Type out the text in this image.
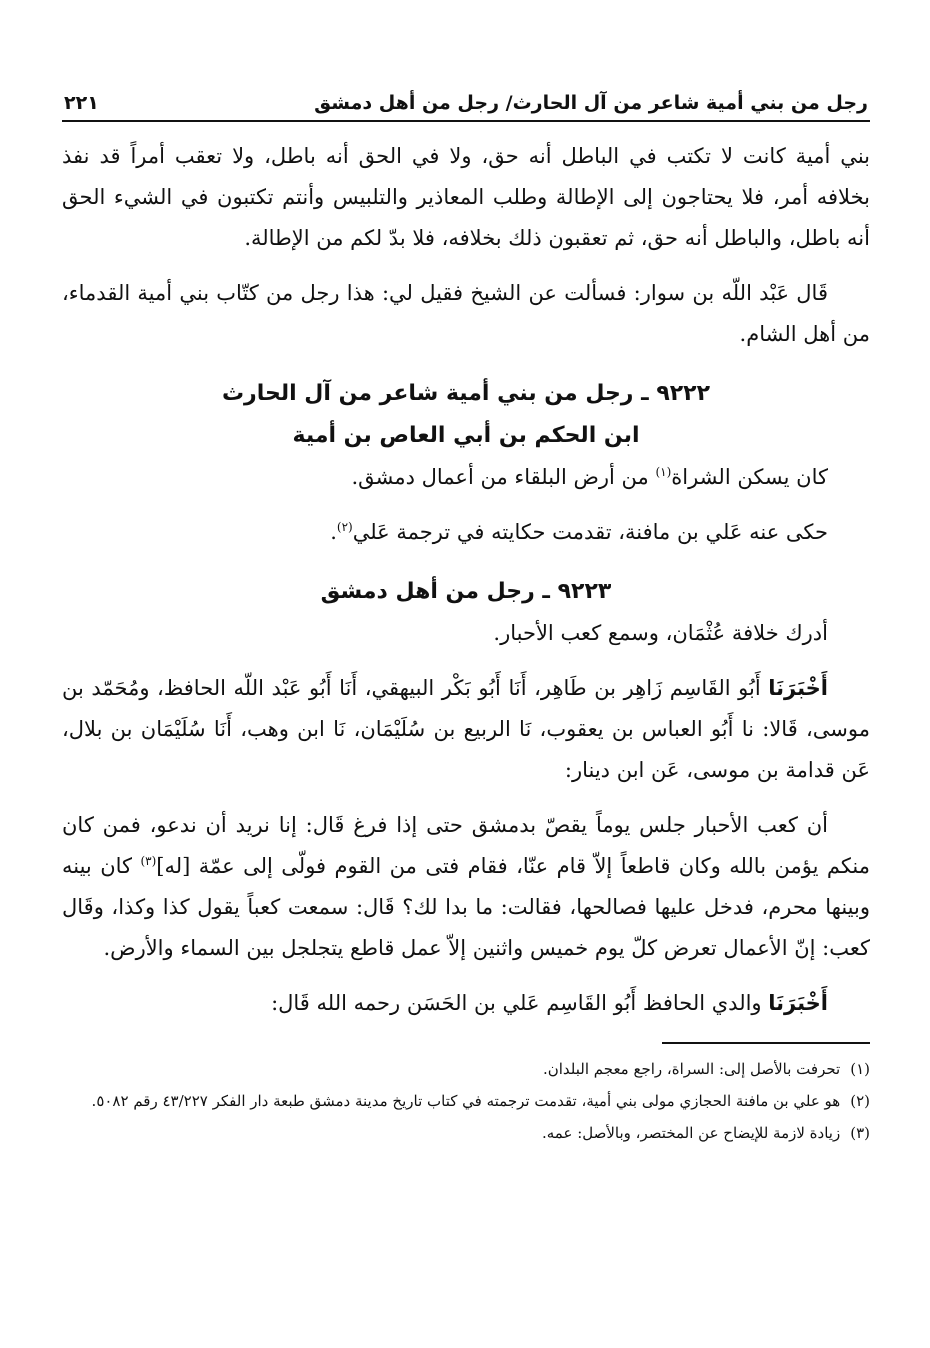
رجل من بني أمية شاعر من آل الحارث/ رجل من أهل دمشق
٢٢١

بني أمية كانت لا تكتب في الباطل أنه حق، ولا في الحق أنه باطل، ولا تعقب أمراً قد نفذ بخلافه أمر، فلا يحتاجون إلى الإطالة وطلب المعاذير والتلبيس وأنتم تكتبون في الشيء الحق أنه باطل، والباطل أنه حق، ثم تعقبون ذلك بخلافه، فلا بدّ لكم من الإطالة.

قَال عَبْد اللّه بن سوار: فسألت عن الشيخ فقيل لي: هذا رجل من كتّاب بني أمية القدماء، من أهل الشام.

٩٢٢٢ ـ رجل من بني أمية شاعر من آل الحارث
ابن الحكم بن أبي العاص بن أمية

كان يسكن الشراة$^{(١)}$ من أرض البلقاء من أعمال دمشق.

حكى عنه عَلي بن مافنة، تقدمت حكايته في ترجمة عَلي$^{(٢)}$.

٩٢٢٣ ـ رجل من أهل دمشق

أدرك خلافة عُثْمَان، وسمع كعب الأحبار.

أَخْبَرَنَا أَبُو القَاسِم زَاهِر بن طَاهِر، أَنَا أَبُو بَكْر البيهقي، أَنَا أَبُو عَبْد اللّه الحافظ، ومُحَمّد بن موسى، قَالا: نا أَبُو العباس بن يعقوب، نَا الربيع بن سُلَيْمَان، نَا ابن وهب، أَنَا سُلَيْمَان بن بلال، عَن قدامة بن موسى، عَن ابن دينار:

أن كعب الأحبار جلس يوماً يقصّ بدمشق حتى إذا فرغ قَال: إنا نريد أن ندعو، فمن كان منكم يؤمن بالله وكان قاطعاً إلاّ قام عنّا، فقام فتى من القوم فولّى إلى عمّة [له]$^{(٣)}$ كان بينه وبينها محرم، فدخل عليها فصالحها، فقالت: ما بدا لك؟ قَال: سمعت كعباً يقول كذا وكذا، وقَال كعب: إنّ الأعمال تعرض كلّ يوم خميس واثنين إلاّ عمل قاطع يتجلجل بين السماء والأرض.

أَخْبَرَنَا والدي الحافظ أَبُو القَاسِم عَلي بن الحَسَن رحمه الله قَال:

(١)
تحرفت بالأصل إلى: السراة، راجع معجم البلدان.
(٢)
هو علي بن مافنة الحجازي مولى بني أمية، تقدمت ترجمته في كتاب تاريخ مدينة دمشق طبعة دار الفكر ٤٣/٢٢٧ رقم ٥٠٨٢.
(٣)
زيادة لازمة للإيضاح عن المختصر، وبالأصل: عمه.
